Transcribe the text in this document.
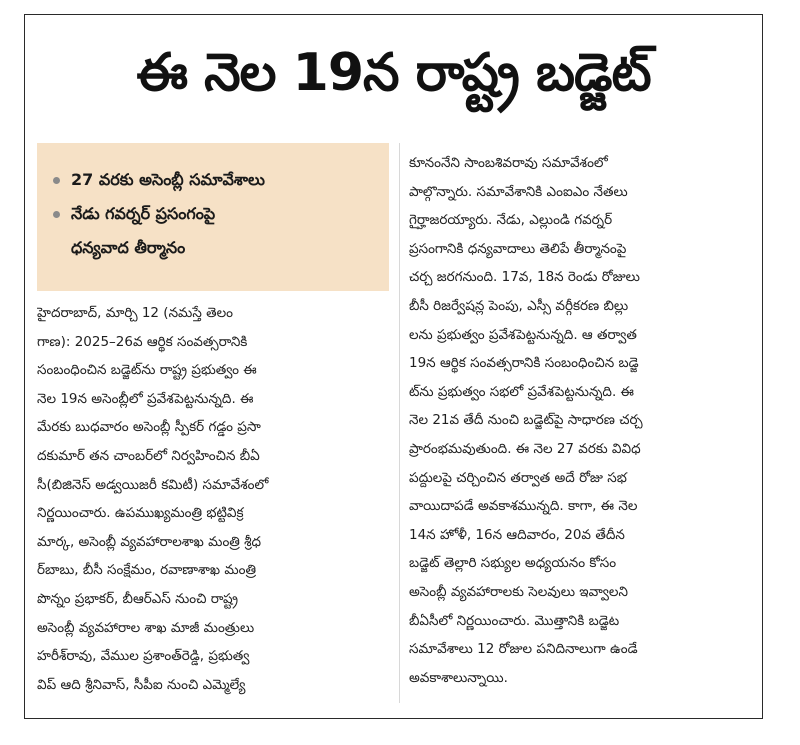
ఈ నెల 19న రాష్ట్ర బడ్జెట్
27 వరకు అసెంబ్లీ సమావేశాలు
నేడు గవర్నర్ ప్రసంగంపై
ధన్యవాద తీర్మానం
హైదరాబాద్, మార్చి 12 (నమస్తే తెలం
గాణ): 2025–26వ ఆర్థిక సంవత్సరానికి
సంబంధించిన బడ్జెట్‌ను రాష్ట్ర ప్రభుత్వం ఈ
నెల 19న అసెంబ్లీలో ప్రవేశపెట్టనున్నది. ఈ
మేరకు బుధవారం అసెంబ్లీ స్పీకర్ గడ్డం ప్రసా
దకుమార్ తన చాంబర్‌లో నిర్వహించిన బీఏ
సీ(బిజినెస్ అడ్వయిజరీ కమిటీ) సమావేశంలో
నిర్ణయించారు. ఉపముఖ్యమంత్రి భట్టివిక్ర
మార్క, అసెంబ్లీ వ్యవహారాలశాఖ మంత్రి శ్రీధ
ర్‌బాబు, బీసీ సంక్షేమం, రవాణాశాఖ మంత్రి
పొన్నం ప్రభాకర్, బీఆర్‌ఎస్ నుంచి రాష్ట్ర
అసెంబ్లీ వ్యవహారాల శాఖ మాజీ మంత్రులు
హరీశ్‌రావు, వేముల ప్రశాంత్‌రెడ్డి, ప్రభుత్వ
విప్ ఆది శ్రీనివాస్, సీపీఐ నుంచి ఎమ్మెల్యే
కూనంనేని సాంబశివరావు సమావేశంలో
పాల్గొన్నారు. సమావేశానికి ఎంఐఎం నేతలు
గైర్హాజరయ్యారు. నేడు, ఎల్లుండి గవర్నర్
ప్రసంగానికి ధన్యవాదాలు తెలిపే తీర్మానంపై
చర్చ జరగనుంది. 17వ, 18న రెండు రోజులు
బీసీ రిజర్వేషన్ల పెంపు, ఎస్సీ వర్గీకరణ బిల్లు
లను ప్రభుత్వం ప్రవేశపెట్టనున్నది. ఆ తర్వాత
19న ఆర్థిక సంవత్సరానికి సంబంధించిన బడ్జె
ట్‌ను ప్రభుత్వం సభలో ప్రవేశపెట్టనున్నది. ఈ
నెల 21వ తేదీ నుంచి బడ్జెట్‌పై సాధారణ చర్చ
ప్రారంభమవుతుంది. ఈ నెల 27 వరకు వివిధ
పద్దులపై చర్చించిన తర్వాత అదే రోజు సభ
వాయిదాపడే అవకాశమున్నది. కాగా, ఈ నెల
14న హోళీ, 16న ఆదివారం, 20వ తేదీన
బడ్జెట్ తెల్లారి సభ్యుల అధ్యయనం కోసం
అసెంబ్లీ వ్యవహారాలకు సెలవులు ఇవ్వాలని
బీఏసీలో నిర్ణయించారు. మొత్తానికి బడ్జెట
సమావేశాలు 12 రోజుల పనిదినాలుగా ఉండే
అవకాశాలున్నాయి.
